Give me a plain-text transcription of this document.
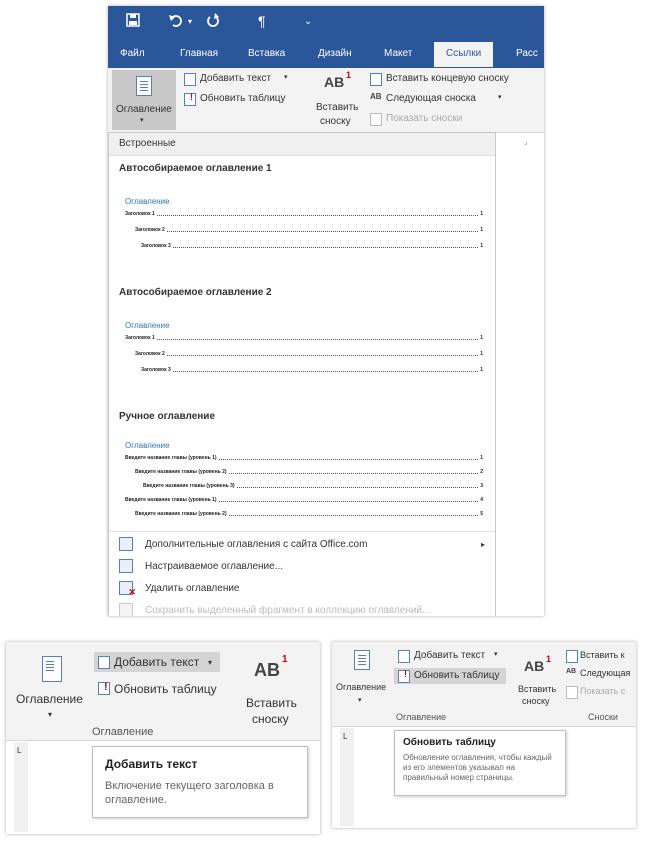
▾	¶	⌄
Файл	Главная	Вставка	Дизайн	Макет	Ссылки	Расс
Оглавление
▾
Добавить текст ▾
! Обновить таблицу
AB 1
Вставить
сноску
Вставить концевую сноску
AB Следующая сноска	▾
Показать сноски
⌟
Встроенные
Автособираемое оглавление 1
Оглавление
Заголовок 1	1
Заголовок 2	1
Заголовок 3	1
Автособираемое оглавление 2
Оглавление
Заголовок 1	1
Заголовок 2	1
Заголовок 3	1
Ручное оглавление
Оглавление
Введите название главы (уровень 1)	1
Введите название главы (уровень 2)	2
Введите название главы (уровень 3)	3
Введите название главы (уровень 1)	4
Введите название главы (уровень 2)	5
Дополнительные оглавления с сайта Office.com	▸
Настраиваемое оглавление...
✕ Удалить оглавление
Сохранить выделенный фрагмент в коллекцию оглавлений...
Оглавление
▾
Добавить текст ▾
! Обновить таблицу
AB
1
Вставить
сноску
Оглавление
L
Добавить текст
Включение текущего заголовка в оглавление.
Оглавление
▾
Добавить текст ▾
! Обновить таблицу
AB 1
Вставить
сноску
Вставить к
AB Следующая
Показать с
Оглавление	Сноски
L
Обновить таблицу
Обновление оглавления, чтобы каждый из его элементов указывал на правильный номер страницы.
